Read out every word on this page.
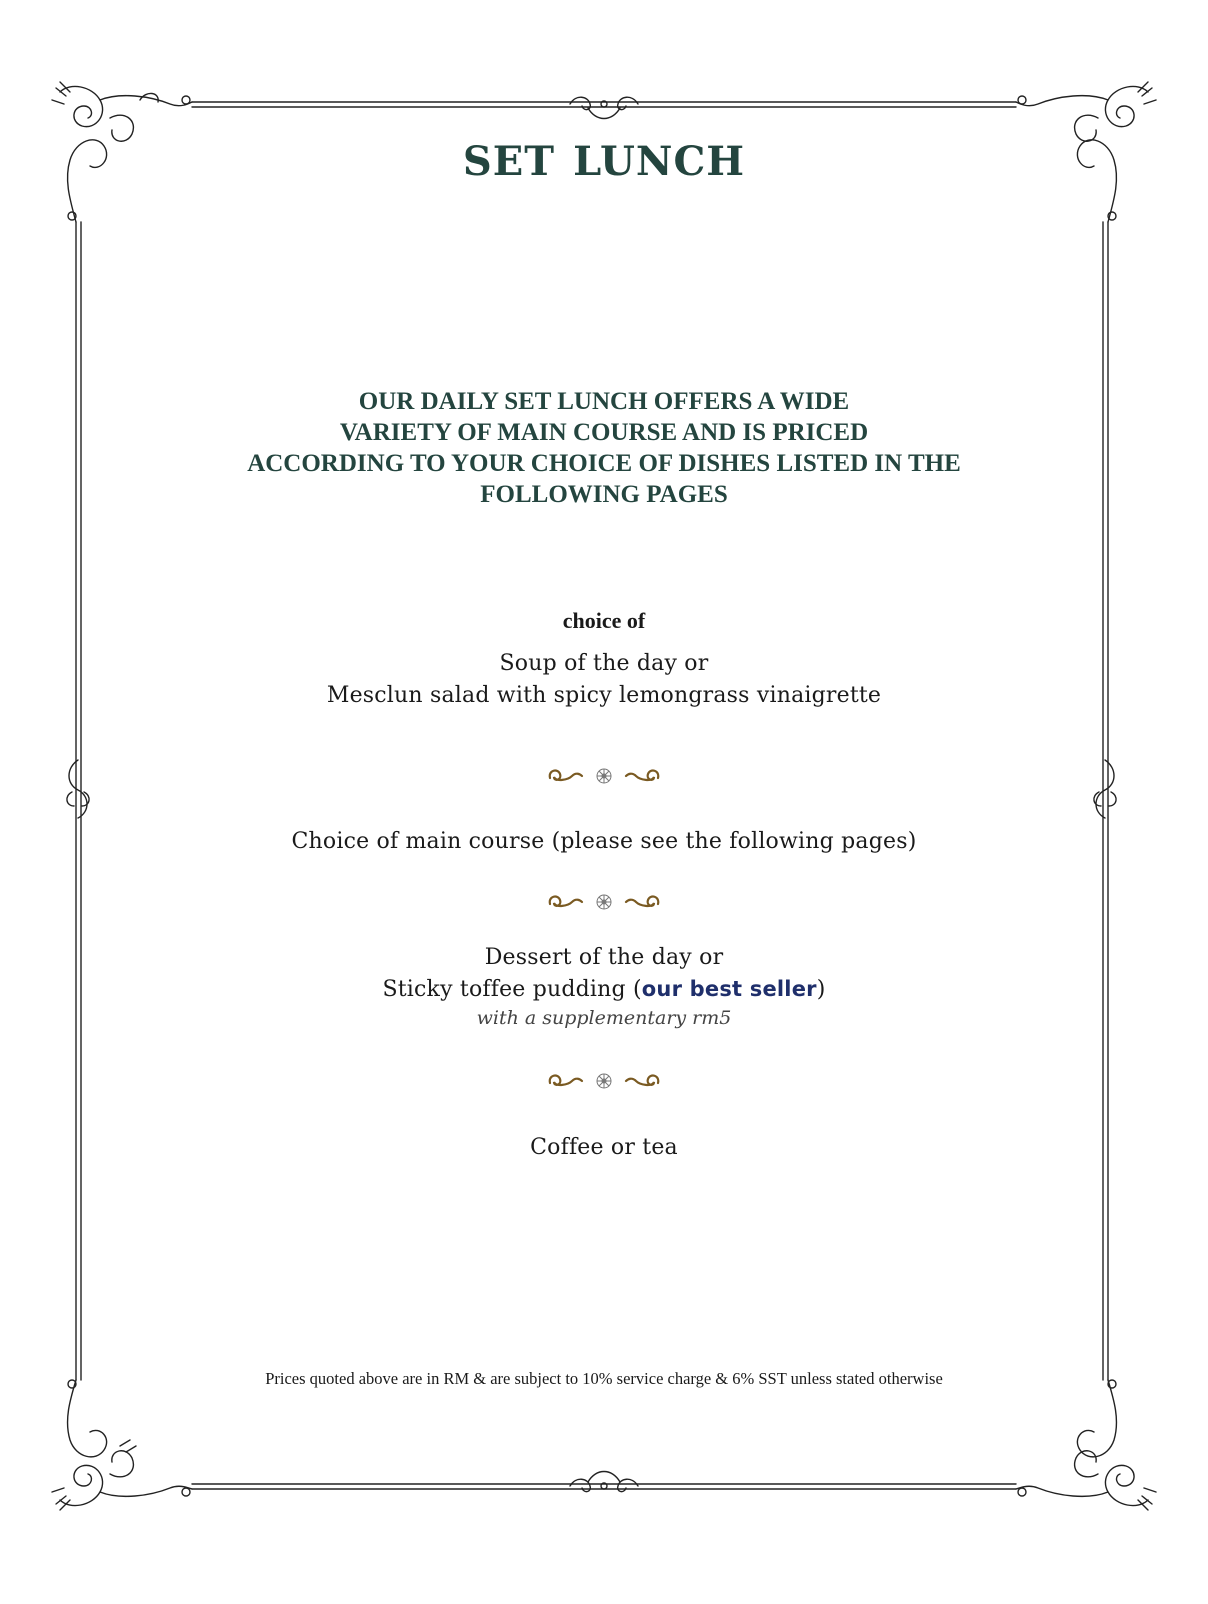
SET LUNCH
OUR DAILY SET LUNCH OFFERS A WIDE
VARIETY OF MAIN COURSE AND IS PRICED
ACCORDING TO YOUR CHOICE OF DISHES LISTED IN THE
FOLLOWING PAGES
choice of
Soup of the day or
Mesclun salad with spicy lemongrass vinaigrette
Choice of main course (please see the following pages)
Dessert of the day or
Sticky toffee pudding (our best seller)
with a supplementary rm5
Coffee or tea
Prices quoted above are in RM & are subject to 10% service charge & 6% SST unless stated otherwise
